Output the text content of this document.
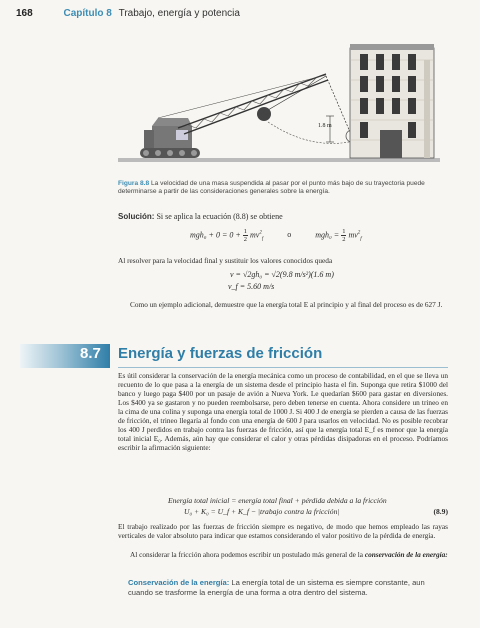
168	Capítulo 8 Trabajo, energía y potencia
1.8 m
Figura 8.8 La velocidad de una masa suspendida al pasar por el punto más bajo de su trayectoria puede determinarse a partir de las consideraciones generales sobre la energía.
Solución: Si se aplica la ecuación (8.8) se obtiene
$mgh_0 + 0 = 0 + \frac{1}{2} mv^2_f$ o	$mgh_0 = \frac{1}{2} mv^2_f$
Al resolver para la velocidad final y sustituir los valores conocidos queda
v = √2gh₀ = √2(9.8 m/s²)(1.6 m)
v_f = 5.60 m/s
Como un ejemplo adicional, demuestre que la energía total E al principio y al final del proceso es de 627 J.
8.7 Energía y fuerzas de fricción
Es útil considerar la conservación de la energía mecánica como un proceso de contabilidad, en el que se lleva un recuento de lo que pasa a la energía de un sistema desde el principio hasta el fin. Suponga que retira $1000 del banco y luego paga $400 por un pasaje de avión a Nueva York. Le quedarían $600 para gastar en diversiones. Los $400 ya se gastaron y no pueden reembolsarse, pero deben tenerse en cuenta. Ahora considere un trineo en la cima de una colina y suponga una energía total de 1000 J. Si 400 J de energía se pierden a causa de las fuerzas de fricción, el trineo llegaría al fondo con una energía de 600 J para usarlos en velocidad. No es posible recobrar los 400 J perdidos en trabajo contra las fuerzas de fricción, así que la energía total E_f es menor que la energía total inicial E₀. Además, aún hay que considerar el calor y otras pérdidas disipadoras en el proceso. Podríamos escribir la afirmación siguiente:
Energía total inicial = energía total final + pérdida debida a la fricción
U₀ + K₀ = U_f + K_f − |trabajo contra la fricción|	(8.9)
El trabajo realizado por las fuerzas de fricción siempre es negativo, de modo que hemos empleado las rayas verticales de valor absoluto para indicar que estamos considerando el valor positivo de la pérdida de energía.
Al considerar la fricción ahora podemos escribir un postulado más general de la conservación de la energía:
Conservación de la energía: La energía total de un sistema es siempre constante, aun cuando se trasforme la energía de una forma a otra dentro del sistema.
